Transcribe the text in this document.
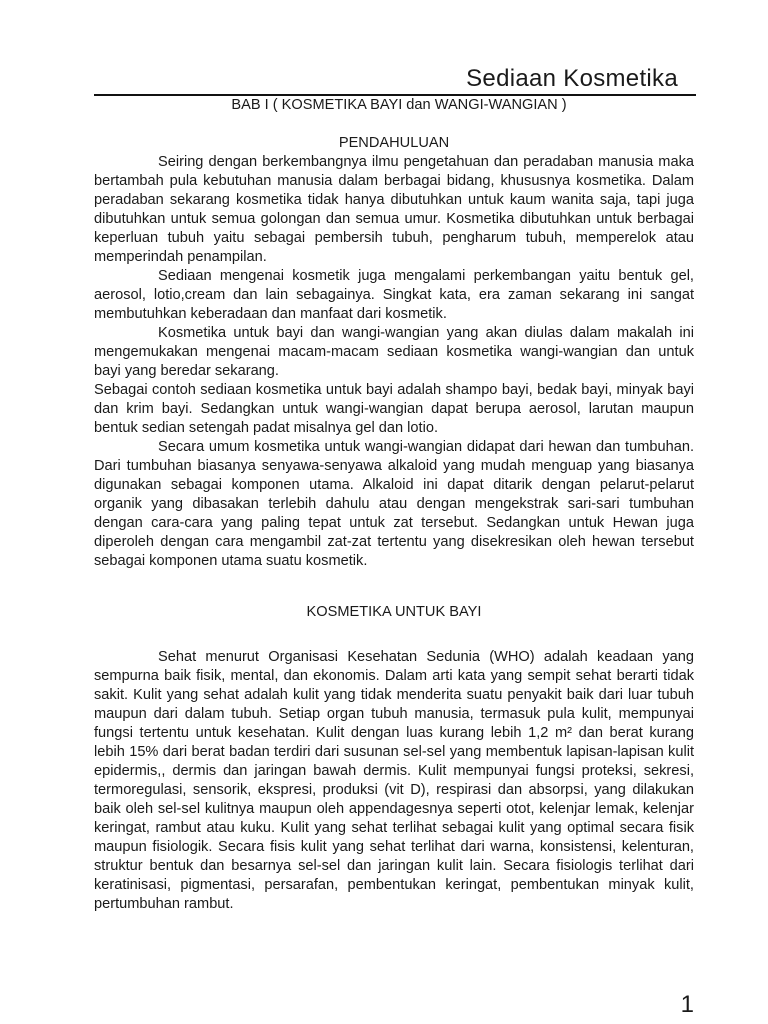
Sediaan Kosmetika

BAB I ( KOSMETIKA BAYI dan WANGI-WANGIAN )

PENDAHULUAN

Seiring dengan berkembangnya ilmu pengetahuan dan peradaban manusia maka bertambah pula kebutuhan manusia dalam berbagai bidang, khususnya kosmetika. Dalam peradaban sekarang kosmetika tidak hanya dibutuhkan untuk kaum wanita saja, tapi juga dibutuhkan untuk semua golongan dan semua umur. Kosmetika dibutuhkan untuk berbagai keperluan tubuh yaitu sebagai pembersih tubuh, pengharum tubuh, memperelok atau memperindah penampilan.

Sediaan mengenai kosmetik juga mengalami perkembangan yaitu bentuk gel, aerosol, lotio,cream dan lain sebagainya. Singkat kata, era zaman sekarang ini sangat membutuhkan keberadaan dan manfaat dari kosmetik.

Kosmetika untuk bayi dan wangi-wangian yang akan diulas dalam makalah ini mengemukakan mengenai macam-macam sediaan kosmetika wangi-wangian dan untuk bayi yang beredar sekarang.

Sebagai contoh sediaan kosmetika untuk bayi adalah shampo bayi, bedak bayi, minyak bayi dan krim bayi. Sedangkan untuk wangi-wangian dapat berupa aerosol, larutan maupun bentuk sedian setengah padat misalnya gel dan lotio.

Secara umum kosmetika untuk wangi-wangian didapat dari hewan dan tumbuhan. Dari tumbuhan biasanya senyawa-senyawa alkaloid yang mudah menguap yang biasanya digunakan sebagai komponen utama. Alkaloid ini dapat ditarik dengan pelarut-pelarut organik yang dibasakan terlebih dahulu atau dengan mengekstrak sari-sari tumbuhan dengan cara-cara yang paling tepat untuk zat tersebut. Sedangkan untuk Hewan juga diperoleh dengan cara mengambil zat-zat tertentu yang disekresikan oleh hewan tersebut sebagai komponen utama suatu kosmetik.

KOSMETIKA UNTUK BAYI

Sehat menurut Organisasi Kesehatan Sedunia (WHO) adalah keadaan yang sempurna baik fisik, mental, dan ekonomis. Dalam arti kata yang sempit sehat berarti tidak sakit. Kulit yang sehat adalah kulit yang tidak menderita suatu penyakit baik dari luar tubuh maupun dari dalam tubuh. Setiap organ tubuh manusia, termasuk pula kulit, mempunyai fungsi tertentu untuk kesehatan. Kulit dengan luas kurang lebih 1,2 m² dan berat kurang lebih 15% dari berat badan terdiri dari susunan sel-sel yang membentuk lapisan-lapisan kulit epidermis,, dermis dan jaringan bawah dermis. Kulit mempunyai fungsi proteksi, sekresi, termoregulasi, sensorik, ekspresi, produksi (vit D), respirasi dan absorpsi, yang dilakukan baik oleh sel-sel kulitnya maupun oleh appendagesnya seperti otot, kelenjar lemak, kelenjar keringat, rambut atau kuku. Kulit yang sehat terlihat sebagai kulit yang optimal secara fisik maupun fisiologik. Secara fisis kulit yang sehat terlihat dari warna, konsistensi, kelenturan, struktur bentuk dan besarnya sel-sel dan jaringan kulit lain. Secara fisiologis terlihat dari keratinisasi, pigmentasi, persarafan, pembentukan keringat, pembentukan minyak kulit, pertumbuhan rambut.

1
